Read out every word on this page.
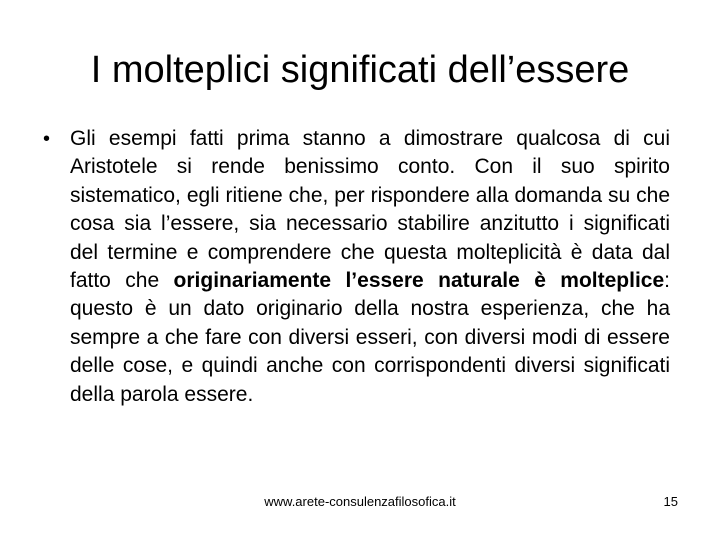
I molteplici significati dell’essere
• Gli esempi fatti prima stanno a dimostrare qualcosa di cui Aristotele si rende benissimo conto. Con il suo spirito sistematico, egli ritiene che, per rispondere alla domanda su che cosa sia l’essere, sia necessario stabilire anzitutto i significati del termine e comprendere che questa molteplicità è data dal fatto che originariamente l’essere naturale è molteplice: questo è un dato originario della nostra esperienza, che ha sempre a che fare con diversi esseri, con diversi modi di essere delle cose, e quindi anche con corrispondenti diversi significati della parola essere.

www.arete-consulenzafilosofica.it	15
